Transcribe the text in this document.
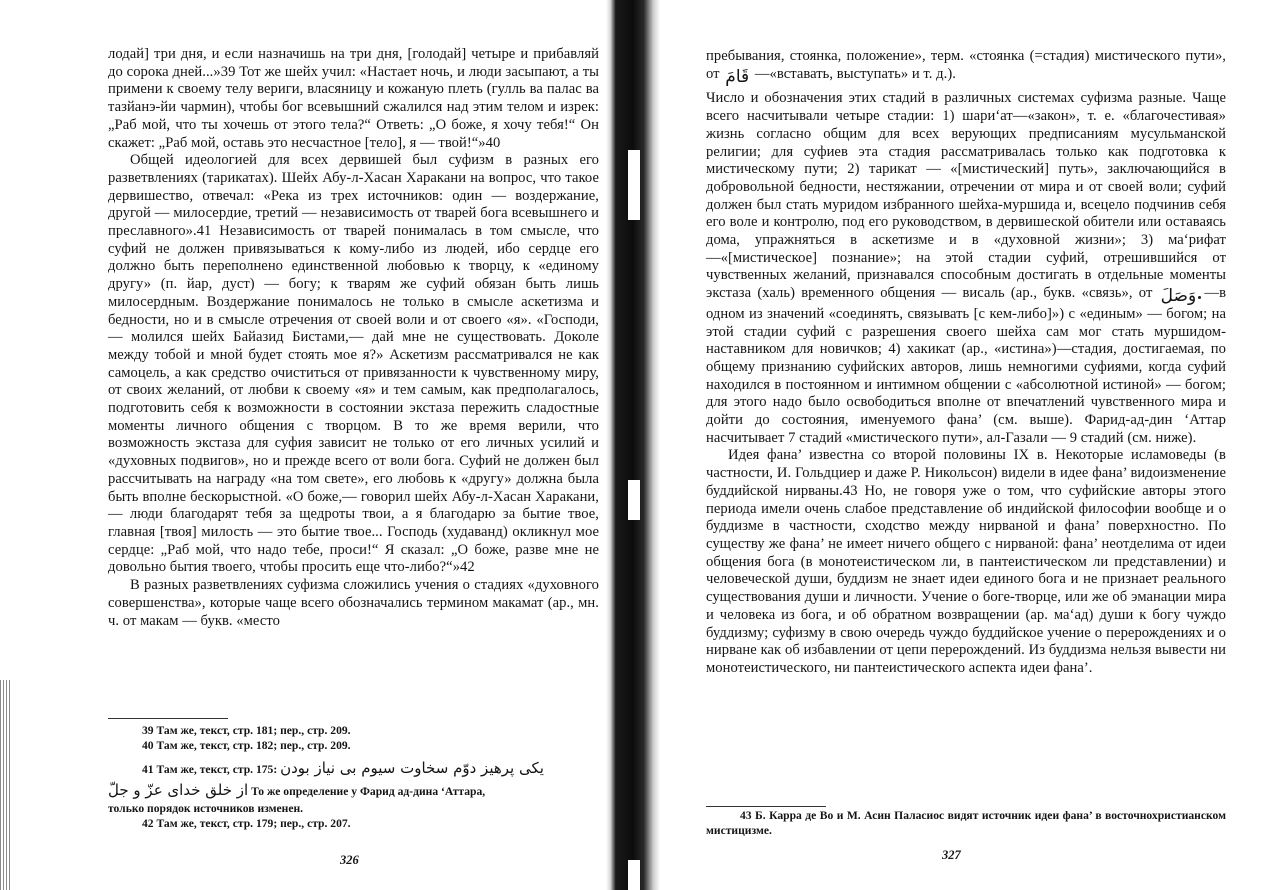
лодай] три дня, и если назначишь на три дня, [голодай] четыре и прибавляй до сорока дней...»39 Тот же шейх учил: «Настает ночь, и люди засыпают, а ты примени к своему телу вериги, власяницу и кожаную плеть (гулль ва палас ва тазйанэ-йи чармин), чтобы бог всевышний сжалился над этим телом и изрек: „Раб мой, что ты хочешь от этого тела?“ Ответь: „О боже, я хочу тебя!“ Он скажет: „Раб мой, оставь это несчастное [тело], я — твой!“»40

Общей идеологией для всех дервишей был суфизм в разных его разветвлениях (тарикатах). Шейх Абу-л-Хасан Харакани на вопрос, что такое дервишество, отвечал: «Река из трех источников: один — воздержание, другой — милосердие, третий — независимость от тварей бога всевышнего и преславного».41 Независимость от тварей понималась в том смысле, что суфий не должен привязываться к кому-либо из людей, ибо сердце его должно быть переполнено единственной любовью к творцу, к «единому другу» (п. йар, дуст) — богу; к тварям же суфий обязан быть лишь милосердным. Воздержание понималось не только в смысле аскетизма и бедности, но и в смысле отречения от своей воли и от своего «я». «Господи, — молился шейх Байазид Бистами,— дай мне не существовать. Доколе между тобой и мной будет стоять мое я?» Аскетизм рассматривался не как самоцель, а как средство очиститься от привязанности к чувственному миру, от своих желаний, от любви к своему «я» и тем самым, как предполагалось, подготовить себя к возможности в состоянии экстаза пережить сладостные моменты личного общения с творцом. В то же время верили, что возможность экстаза для суфия зависит не только от его личных усилий и «духовных подвигов», но и прежде всего от воли бога. Суфий не должен был рассчитывать на награду «на том свете», его любовь к «другу» должна была быть вполне бескорыстной. «О боже,— говорил шейх Абу-л-Хасан Харакани,— люди благодарят тебя за щедроты твои, а я благодарю за бытие твое, главная [твоя] милость — это бытие твое... Господь (худаванд) окликнул мое сердце: „Раб мой, что надо тебе, проси!“ Я сказал: „О боже, разве мне не довольно бытия твоего, чтобы просить еще что-либо?“»42

В разных разветвлениях суфизма сложились учения о стадиях «духовного совершенства», которые чаще всего обозначались термином макамат (ар., мн. ч. от макам — букв. «место

39 Там же, текст, стр. 181; пер., стр. 209.

40 Там же, текст, стр. 182; пер., стр. 209.

41 Там же, текст, стр. 175: یکی پرهیز دوّم سخاوت سیوم بی نیاز بودن

از خلق خدای عزّ و جلّ То же определение у Фарид ад-дина ‘Аттара,

только порядок источников изменен.

42 Там же, текст, стр. 179; пер., стр. 207.

326

пребывания, стоянка, положение», терм. «стоянка (=стадия) мистического пути», от قَامَ —«вставать, выступать» и т. д.).

Число и обозначения этих стадий в различных системах суфизма разные. Чаще всего насчитывали четыре стадии: 1) шари‘ат—«закон», т. е. «благочестивая» жизнь согласно общим для всех верующих предписаниям мусульманской религии; для суфиев эта стадия рассматривалась только как подготовка к мистическому пути; 2) тарикат — «[мистический] путь», заключающийся в добровольной бедности, нестяжании, отречении от мира и от своей воли; суфий должен был стать муридом избранного шейха-муршида и, всецело подчинив себя его воле и контролю, под его руководством, в дервишеской обители или оставаясь дома, упражняться в аскетизме и в «духовной жизни»; 3) ма‘рифат —«[мистическое] познание»; на этой стадии суфий, отрешившийся от чувственных желаний, признавался способным достигать в отдельные моменты экстаза (халь) временного общения — висаль (ар., букв. «связь», от وَصَلَ —в одном из значений «соединять, связывать [с кем-либо]») с «единым» — богом; на этой стадии суфий с разрешения своего шейха сам мог стать муршидом-наставником для новичков; 4) хакикат (ар., «истина»)—стадия, достигаемая, по общему признанию суфийских авторов, лишь немногими суфиями, когда суфий находился в постоянном и интимном общении с «абсолютной истиной» — богом; для этого надо было освободиться вполне от впечатлений чувственного мира и дойти до состояния, именуемого фана’ (см. выше). Фарид-ад-дин ‘Аттар насчитывает 7 стадий «мистического пути», ал-Газали — 9 стадий (см. ниже).

Идея фана’ известна со второй половины IX в. Некоторые исламоведы (в частности, И. Гольдциер и даже Р. Никольсон) видели в идее фана’ видоизменение буддийской нирваны.43 Но, не говоря уже о том, что суфийские авторы этого периода имели очень слабое представление об индийской философии вообще и о буддизме в частности, сходство между нирваной и фана’ поверхностно. По существу же фана’ не имеет ничего общего с нирваной: фана’ неотделима от идеи общения бога (в монотеистическом ли, в пантеистическом ли представлении) и человеческой души, буддизм не знает идеи единого бога и не признает реального существования души и личности. Учение о боге-творце, или же об эманации мира и человека из бога, и об обратном возвращении (ар. ма‘ад) души к богу чуждо буддизму; суфизму в свою очередь чуждо буддийское учение о перерождениях и о нирване как об избавлении от цепи перерождений. Из буддизма нельзя вывести ни монотеистического, ни пантеистического аспекта идеи фана’.

43 Б. Карра де Во и М. Асин Паласиос видят источник идеи фана’ в восточнохристианском мистицизме.

327
